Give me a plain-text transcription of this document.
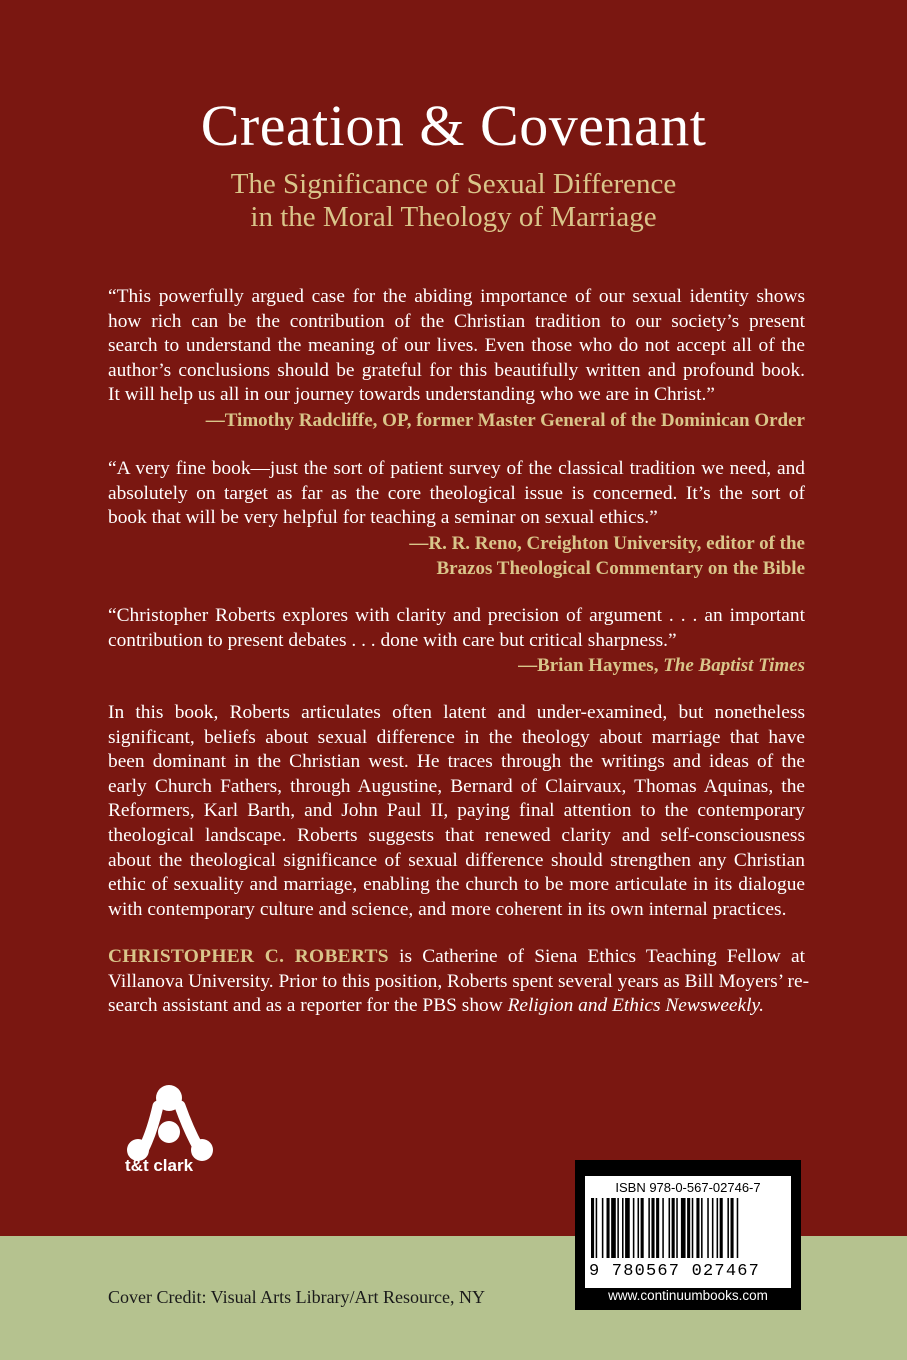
Creation & Covenant
The Significance of Sexual Difference
in the Moral Theology of Marriage
“This powerfully argued case for the abiding importance of our sexual identity shows
how rich can be the contribution of the Christian tradition to our society’s present
search to understand the meaning of our lives. Even those who do not accept all of the
author’s conclusions should be grateful for this beautifully written and profound book.
It will help us all in our journey towards understanding who we are in Christ.”
—Timothy Radcliffe, OP, former Master General of the Dominican Order
“A very fine book—just the sort of patient survey of the classical tradition we need, and
absolutely on target as far as the core theological issue is concerned. It’s the sort of
book that will be very helpful for teaching a seminar on sexual ethics.”
—R. R. Reno, Creighton University, editor of the
Brazos Theological Commentary on the Bible
“Christopher Roberts explores with clarity and precision of argument . . . an important
contribution to present debates . . . done with care but critical sharpness.”
—Brian Haymes, The Baptist Times
In this book, Roberts articulates often latent and under-examined, but nonetheless
significant, beliefs about sexual difference in the theology about marriage that have
been dominant in the Christian west. He traces through the writings and ideas of the
early Church Fathers, through Augustine, Bernard of Clairvaux, Thomas Aquinas, the
Reformers, Karl Barth, and John Paul II, paying final attention to the contemporary
theological landscape. Roberts suggests that renewed clarity and self-consciousness
about the theological significance of sexual difference should strengthen any Christian
ethic of sexuality and marriage, enabling the church to be more articulate in its dialogue
with contemporary culture and science, and more coherent in its own internal practices.
CHRISTOPHER C. ROBERTS is Catherine of Siena Ethics Teaching Fellow at
Villanova University. Prior to this position, Roberts spent several years as Bill Moyers’ re-
search assistant and as a reporter for the PBS show Religion and Ethics Newsweekly.
t&t clark
Cover Credit: Visual Arts Library/Art Resource, NY
ISBN 978-0-567-02746-7
9 780567 027467
www.continuumbooks.com
